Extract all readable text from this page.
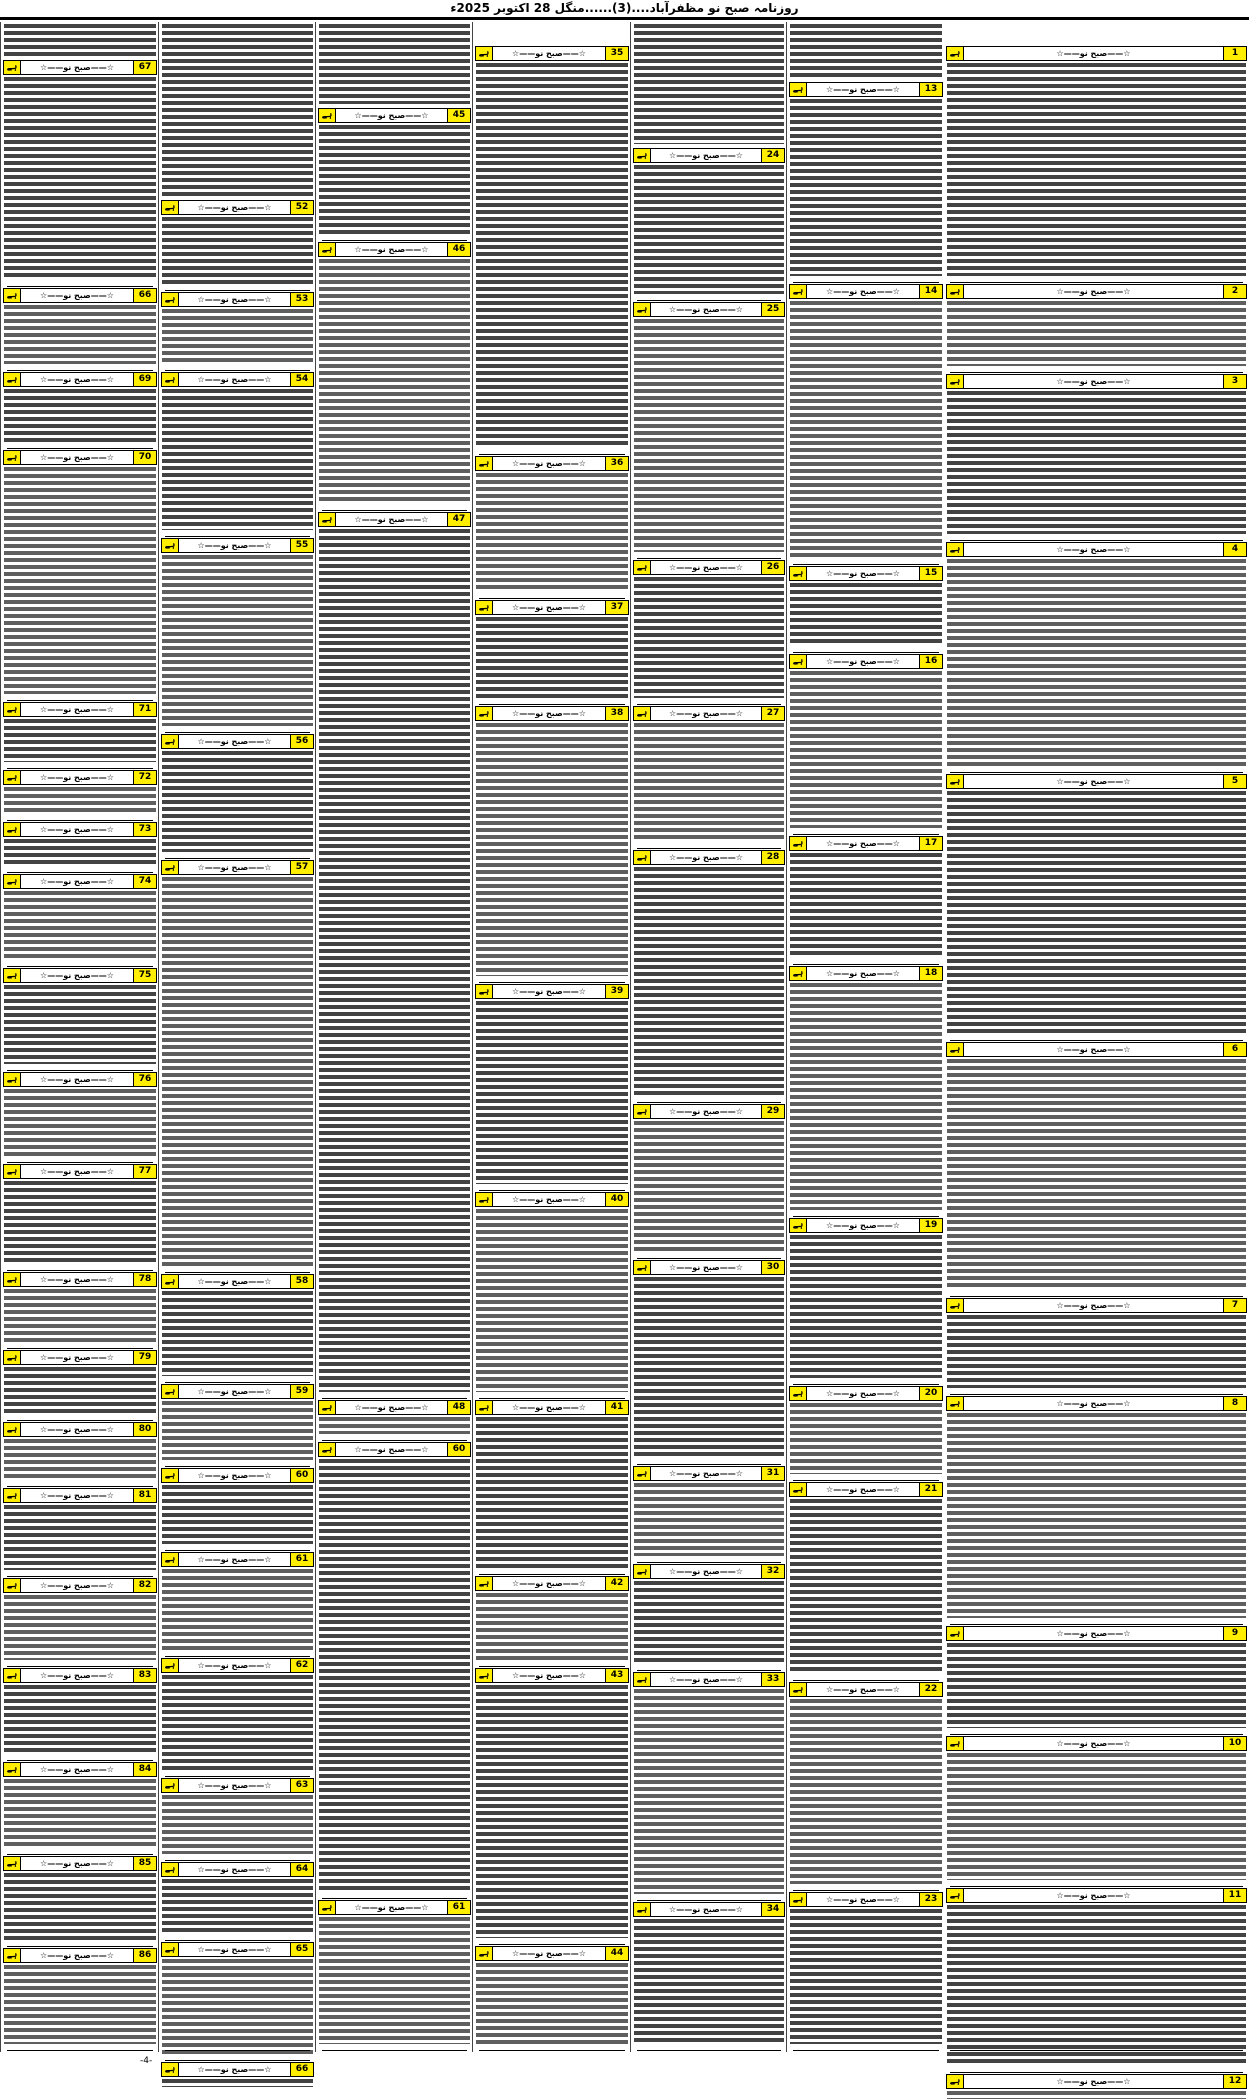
روزنامہ صبح نو مظفرآباد....(3)......منگل 28 اکتوبر 2025ء
67
☆——صبح نو——☆
ہے
66
☆——صبح نو——☆
ہے
69
☆——صبح نو——☆
ہے
70
☆——صبح نو——☆
ہے
71
☆——صبح نو——☆
ہے
72
☆——صبح نو——☆
ہے
73
☆——صبح نو——☆
ہے
74
☆——صبح نو——☆
ہے
75
☆——صبح نو——☆
ہے
76
☆——صبح نو——☆
ہے
77
☆——صبح نو——☆
ہے
78
☆——صبح نو——☆
ہے
79
☆——صبح نو——☆
ہے
80
☆——صبح نو——☆
ہے
81
☆——صبح نو——☆
ہے
82
☆——صبح نو——☆
ہے
83
☆——صبح نو——☆
ہے
84
☆——صبح نو——☆
ہے
85
☆——صبح نو——☆
ہے
86
☆——صبح نو——☆
ہے
52
☆——صبح نو——☆
ہے
53
☆——صبح نو——☆
ہے
54
☆——صبح نو——☆
ہے
55
☆——صبح نو——☆
ہے
56
☆——صبح نو——☆
ہے
57
☆——صبح نو——☆
ہے
58
☆——صبح نو——☆
ہے
59
☆——صبح نو——☆
ہے
60
☆——صبح نو——☆
ہے
61
☆——صبح نو——☆
ہے
62
☆——صبح نو——☆
ہے
63
☆——صبح نو——☆
ہے
64
☆——صبح نو——☆
ہے
65
☆——صبح نو——☆
ہے
66
☆——صبح نو——☆
ہے
45
☆——صبح نو——☆
ہے
46
☆——صبح نو——☆
ہے
47
☆——صبح نو——☆
ہے
48
☆——صبح نو——☆
ہے
60
☆——صبح نو——☆
ہے
61
☆——صبح نو——☆
ہے
35
☆——صبح نو——☆
ہے
36
☆——صبح نو——☆
ہے
37
☆——صبح نو——☆
ہے
38
☆——صبح نو——☆
ہے
39
☆——صبح نو——☆
ہے
40
☆——صبح نو——☆
ہے
41
☆——صبح نو——☆
ہے
42
☆——صبح نو——☆
ہے
43
☆——صبح نو——☆
ہے
44
☆——صبح نو——☆
ہے
24
☆——صبح نو——☆
ہے
25
☆——صبح نو——☆
ہے
26
☆——صبح نو——☆
ہے
27
☆——صبح نو——☆
ہے
28
☆——صبح نو——☆
ہے
29
☆——صبح نو——☆
ہے
30
☆——صبح نو——☆
ہے
31
☆——صبح نو——☆
ہے
32
☆——صبح نو——☆
ہے
33
☆——صبح نو——☆
ہے
34
☆——صبح نو——☆
ہے
13
☆——صبح نو——☆
ہے
14
☆——صبح نو——☆
ہے
15
☆——صبح نو——☆
ہے
16
☆——صبح نو——☆
ہے
17
☆——صبح نو——☆
ہے
18
☆——صبح نو——☆
ہے
19
☆——صبح نو——☆
ہے
20
☆——صبح نو——☆
ہے
21
☆——صبح نو——☆
ہے
22
☆——صبح نو——☆
ہے
23
☆——صبح نو——☆
ہے
1
☆——صبح نو——☆
ہے
2
☆——صبح نو——☆
ہے
3
☆——صبح نو——☆
ہے
4
☆——صبح نو——☆
ہے
5
☆——صبح نو——☆
ہے
6
☆——صبح نو——☆
ہے
7
☆——صبح نو——☆
ہے
8
☆——صبح نو——☆
ہے
9
☆——صبح نو——☆
ہے
10
☆——صبح نو——☆
ہے
11
☆——صبح نو——☆
ہے
12
☆——صبح نو——☆
ہے
-4-
